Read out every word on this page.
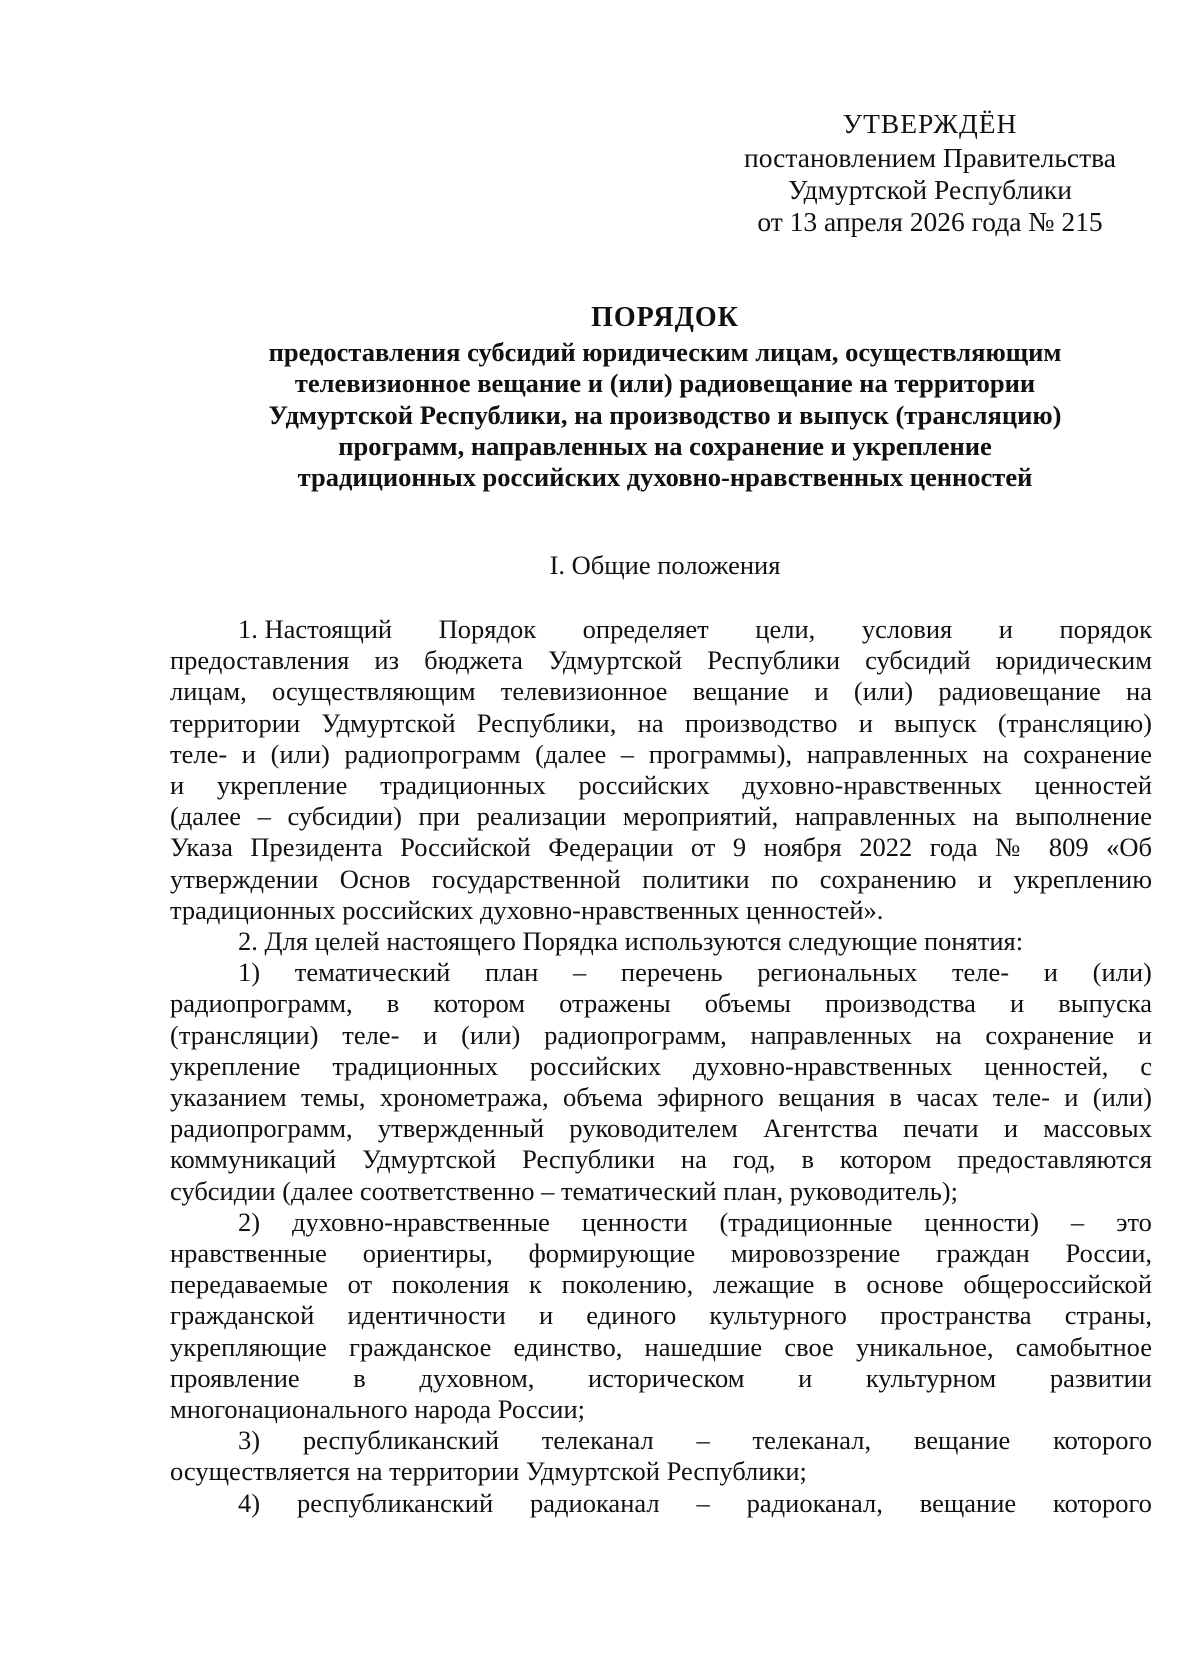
УТВЕРЖДЁН
постановлением Правительства
Удмуртской Республики
от 13 апреля 2026 года № 215
ПОРЯДОК
предоставления субсидий юридическим лицам, осуществляющим
телевизионное вещание и (или) радиовещание на территории
Удмуртской Республики, на производство и выпуск (трансляцию)
программ, направленных на сохранение и укрепление
традиционных российских духовно-нравственных ценностей
I. Общие положения
1. Настоящий Порядок определяет цели, условия и порядок
предоставления из бюджета Удмуртской Республики субсидий юридическим
лицам, осуществляющим телевизионное вещание и (или) радиовещание на
территории Удмуртской Республики, на производство и выпуск (трансляцию)
теле- и (или) радиопрограмм (далее – программы), направленных на сохранение
и укрепление традиционных российских духовно-нравственных ценностей
(далее – субсидии) при реализации мероприятий, направленных на выполнение
Указа Президента Российской Федерации от 9 ноября 2022 года № 809 «Об
утверждении Основ государственной политики по сохранению и укреплению
традиционных российских духовно-нравственных ценностей».
2. Для целей настоящего Порядка используются следующие понятия:
1) тематический план – перечень региональных теле- и (или)
радиопрограмм, в котором отражены объемы производства и выпуска
(трансляции) теле- и (или) радиопрограмм, направленных на сохранение и
укрепление традиционных российских духовно-нравственных ценностей, с
указанием темы, хронометража, объема эфирного вещания в часах теле- и (или)
радиопрограмм, утвержденный руководителем Агентства печати и массовых
коммуникаций Удмуртской Республики на год, в котором предоставляются
субсидии (далее соответственно – тематический план, руководитель);
2) духовно-нравственные ценности (традиционные ценности) – это
нравственные ориентиры, формирующие мировоззрение граждан России,
передаваемые от поколения к поколению, лежащие в основе общероссийской
гражданской идентичности и единого культурного пространства страны,
укрепляющие гражданское единство, нашедшие свое уникальное, самобытное
проявление в духовном, историческом и культурном развитии
многонационального народа России;
3) республиканский телеканал – телеканал, вещание которого
осуществляется на территории Удмуртской Республики;
4) республиканский радиоканал – радиоканал, вещание которого
